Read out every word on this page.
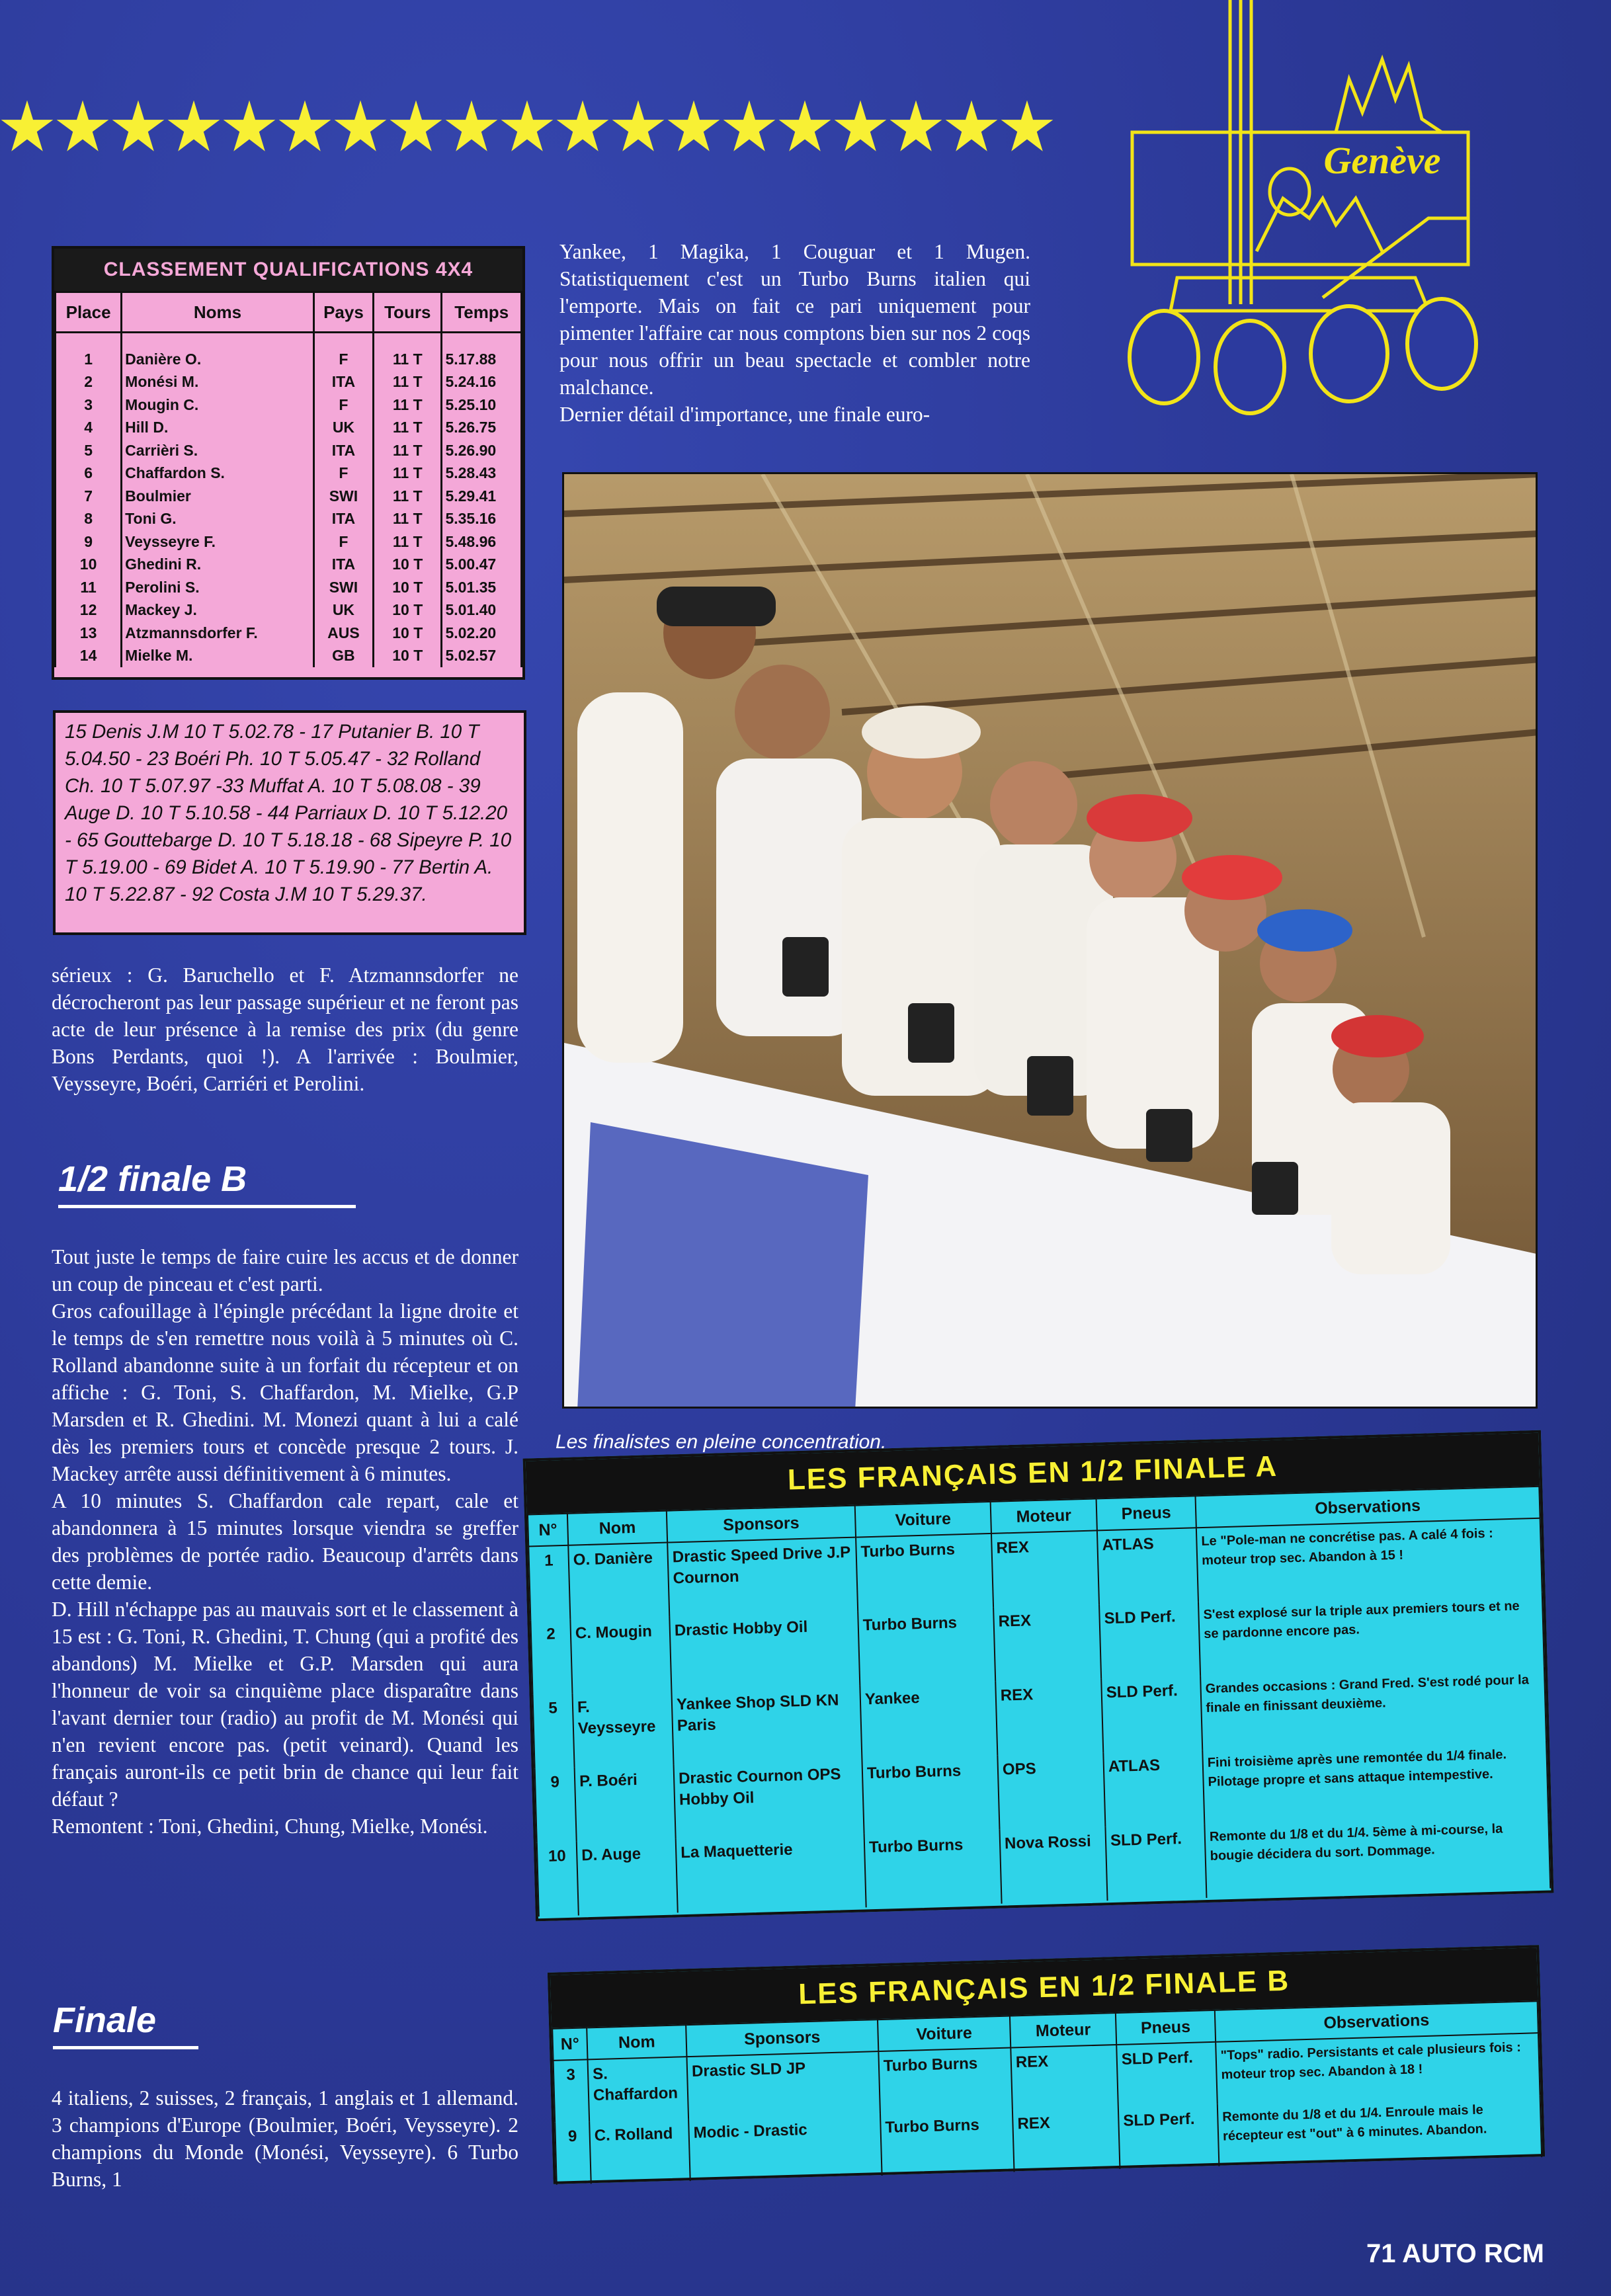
Genève
CLASSEMENT QUALIFICATIONS 4X4
Place	Noms	Pays	Tours	Temps
1	Danière O.	F	11 T	5.17.88
2	Monési M.	ITA	11 T	5.24.16
3	Mougin C.	F	11 T	5.25.10
4	Hill D.	UK	11 T	5.26.75
5	Carrièri S.	ITA	11 T	5.26.90
6	Chaffardon S.	F	11 T	5.28.43
7	Boulmier	SWI	11 T	5.29.41
8	Toni G.	ITA	11 T	5.35.16
9	Veysseyre F.	F	11 T	5.48.96
10	Ghedini R.	ITA	10 T	5.00.47
11	Perolini S.	SWI	10 T	5.01.35
12	Mackey J.	UK	10 T	5.01.40
13	Atzmannsdorfer F.	AUS	10 T	5.02.20
14	Mielke M.	GB	10 T	5.02.57
15 Denis J.M 10 T 5.02.78 - 17 Putanier B. 10 T 5.04.50 - 23 Boéri Ph. 10 T 5.05.47 - 32 Rolland Ch. 10 T 5.07.97 -33 Muffat A. 10 T 5.08.08 - 39 Auge D. 10 T 5.10.58 - 44 Parriaux D. 10 T 5.12.20 - 65 Gouttebarge D. 10 T 5.18.18 - 68 Sipeyre P. 10 T 5.19.00 - 69 Bidet A. 10 T 5.19.90 - 77 Bertin A. 10 T 5.22.87 - 92 Costa J.M 10 T 5.29.37.
sérieux : G. Baruchello et F. Atzmannsdorfer ne décrocheront pas leur passage supérieur et ne feront pas acte de leur présence à la remise des prix (du genre Bons Perdants, quoi !). A l'arrivée : Boulmier, Veysseyre, Boéri, Carriéri et Perolini.
1/2 finale B
Tout juste le temps de faire cuire les accus et de donner un coup de pinceau et c'est parti.
Gros cafouillage à l'épingle précédant la ligne droite et le temps de s'en remettre nous voilà à 5 minutes où C. Rolland abandonne suite à un forfait du récepteur et on affiche : G. Toni, S. Chaffardon, M. Mielke, G.P Marsden et R. Ghedini. M. Monezi quant à lui a calé dès les premiers tours et concède presque 2 tours. J. Mackey arrête aussi définitivement à 6 minutes.
A 10 minutes S. Chaffardon cale repart, cale et abandonnera à 15 minutes lorsque viendra se greffer des problèmes de portée radio. Beaucoup d'arrêts dans cette demie.
D. Hill n'échappe pas au mauvais sort et le classement à 15 est : G. Toni, R. Ghedini, T. Chung (qui a profité des abandons) M. Mielke et G.P. Marsden qui aura l'honneur de voir sa cinquième place disparaître dans l'avant dernier tour (radio) au profit de M. Monési qui n'en revient encore pas. (petit veinard). Quand les français auront-ils ce petit brin de chance qui leur fait défaut ?
Remontent : Toni, Ghedini, Chung, Mielke, Monési.
Finale
4 italiens, 2 suisses, 2 français, 1 anglais et 1 allemand. 3 champions d'Europe (Boulmier, Boéri, Veysseyre). 2 champions du Monde (Monési, Veysseyre). 6 Turbo Burns, 1
Yankee, 1 Magika, 1 Couguar et 1 Mugen. Statistiquement c'est un Turbo Burns italien qui l'emporte. Mais on fait ce pari uniquement pour pimenter l'affaire car nous comptons bien sur nos 2 coqs pour nous offrir un beau spectacle et combler notre malchance.
Dernier détail d'importance, une finale euro-
Les finalistes en pleine concentration.
LES FRANÇAIS EN 1/2 FINALE A
N°	Nom	Sponsors	Voiture	Moteur	Pneus	Observations
1	O. Danière	Drastic Speed Drive J.P Cournon	Turbo Burns	REX	ATLAS	Le "Pole-man ne concrétise pas. A calé 4 fois : moteur trop sec. Abandon à 15 !
2	C. Mougin	Drastic Hobby Oil	Turbo Burns	REX	SLD Perf.	S'est explosé sur la triple aux premiers tours et ne se pardonne encore pas.
5	F. Veysseyre	Yankee Shop SLD KN Paris	Yankee	REX	SLD Perf.	Grandes occasions : Grand Fred. S'est rodé pour la finale en finissant deuxième.
9	P. Boéri	Drastic Cournon OPS Hobby Oil	Turbo Burns	OPS	ATLAS	Fini troisième après une remontée du 1/4 finale. Pilotage propre et sans attaque intempestive.
10	D. Auge	La Maquetterie	Turbo Burns	Nova Rossi	SLD Perf.	Remonte du 1/8 et du 1/4. 5ème à mi-course, la bougie décidera du sort. Dommage.
LES FRANÇAIS EN 1/2 FINALE B
N°	Nom	Sponsors	Voiture	Moteur	Pneus	Observations
3	S. Chaffardon	Drastic SLD JP	Turbo Burns	REX	SLD Perf.	"Tops" radio. Persistants et cale plusieurs fois : moteur trop sec. Abandon à 18 !
9	C. Rolland	Modic - Drastic	Turbo Burns	REX	SLD Perf.	Remonte du 1/8 et du 1/4. Enroule mais le récepteur est "out" à 6 minutes. Abandon.
71 AUTO RCM
